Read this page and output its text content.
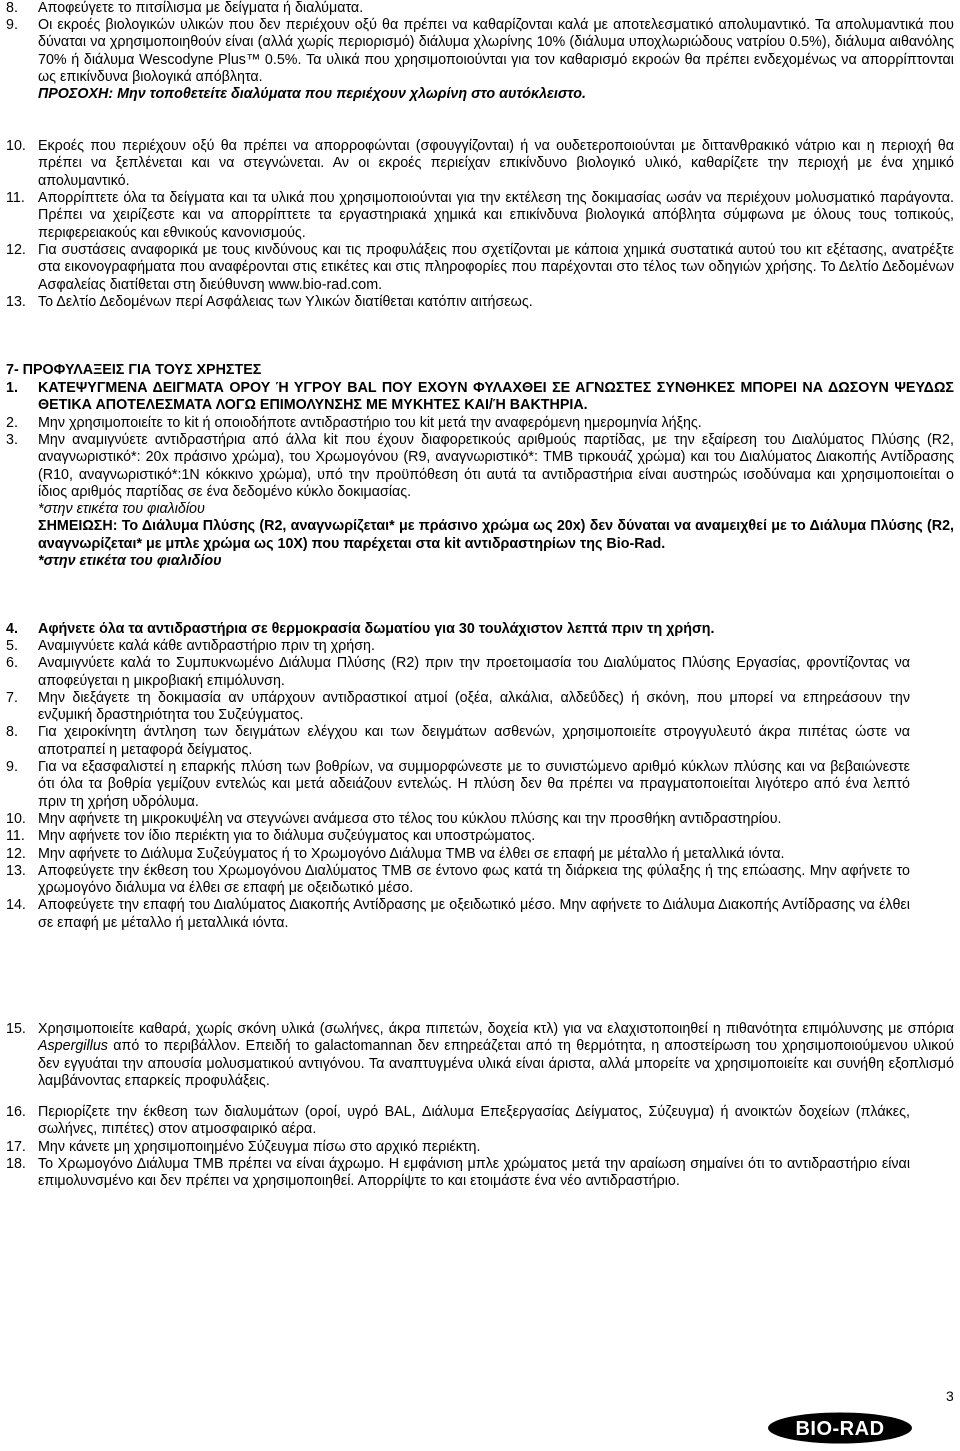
8. Αποφεύγετε το πιτσίλισμα με δείγματα ή διαλύματα.
9. Οι εκροές βιολογικών υλικών που δεν περιέχουν οξύ θα πρέπει να καθαρίζονται καλά με αποτελεσματικό απολυμαντικό. Τα απολυμαντικά που δύναται να χρησιμοποιηθούν είναι (αλλά χωρίς περιορισμό) διάλυμα χλωρίνης 10% (διάλυμα υποχλωριώδους νατρίου 0.5%), διάλυμα αιθανόλης 70% ή διάλυμα Wescodyne Plus™ 0.5%. Τα υλικά που χρησιμοποιούνται για τον καθαρισμό εκροών θα πρέπει ενδεχομένως να απορρίπτονται ως επικίνδυνα βιολογικά απόβλητα.
ΠΡΟΣΟΧΗ: Μην τοποθετείτε διαλύματα που περιέχουν χλωρίνη στο αυτόκλειστο.
10. Εκροές που περιέχουν οξύ θα πρέπει να απορροφώνται (σφουγγίζονται) ή να ουδετεροποιούνται με διττανθρακικό νάτριο και η περιοχή θα πρέπει να ξεπλένεται και να στεγνώνεται. Αν οι εκροές περιείχαν επικίνδυνο βιολογικό υλικό, καθαρίζετε την περιοχή με ένα χημικό απολυμαντικό.
11. Απορρίπτετε όλα τα δείγματα και τα υλικά που χρησιμοποιούνται για την εκτέλεση της δοκιμασίας ωσάν να περιέχουν μολυσματικό παράγοντα. Πρέπει να χειρίζεστε και να απορρίπτετε τα εργαστηριακά χημικά και επικίνδυνα βιολογικά απόβλητα σύμφωνα με όλους τους τοπικούς, περιφερειακούς και εθνικούς κανονισμούς.
12. Για συστάσεις αναφορικά με τους κινδύνους και τις προφυλάξεις που σχετίζονται με κάποια χημικά συστατικά αυτού του κιτ εξέτασης, ανατρέξτε στα εικονογραφήματα που αναφέρονται στις ετικέτες και στις πληροφορίες που παρέχονται στο τέλος των οδηγιών χρήσης. Το Δελτίο Δεδομένων Ασφαλείας διατίθεται στη διεύθυνση www.bio-rad.com.
13. Το Δελτίο Δεδομένων περί Ασφάλειας των Υλικών διατίθεται κατόπιν αιτήσεως.
7- ΠΡΟΦΥΛΑΞΕΙΣ ΓΙΑ ΤΟΥΣ ΧΡΗΣΤΕΣ
1. ΚΑΤΕΨΥΓΜΕΝΑ ΔΕΙΓΜΑΤΑ ΟΡΟΥ Ή ΥΓΡΟΥ BAL ΠΟΥ ΕΧΟΥΝ ΦΥΛΑΧΘΕΙ ΣΕ ΑΓΝΩΣΤΕΣ ΣΥΝΘΗΚΕΣ ΜΠΟΡΕΙ ΝΑ ΔΩΣΟΥΝ ΨΕΥΔΩΣ ΘΕΤΙΚΑ ΑΠΟΤΕΛΕΣΜΑΤΑ ΛΟΓΩ ΕΠΙΜΟΛΥΝΣΗΣ ΜΕ ΜΥΚΗΤΕΣ ΚΑΙ/Ή ΒΑΚΤΗΡΙΑ.
2. Μην χρησιμοποιείτε το kit ή οποιοδήποτε αντιδραστήριο του kit μετά την αναφερόμενη ημερομηνία λήξης.
3. Μην αναμιγνύετε αντιδραστήρια από άλλα kit που έχουν διαφορετικούς αριθμούς παρτίδας, με την εξαίρεση του Διαλύματος Πλύσης (R2, αναγνωριστικό*: 20x πράσινο χρώμα), του Χρωμογόνου (R9, αναγνωριστικό*: TMB τιρκουάζ χρώμα) και του Διαλύματος Διακοπής Αντίδρασης (R10, αναγνωριστικό*:1N κόκκινο χρώμα), υπό την προϋπόθεση ότι αυτά τα αντιδραστήρια είναι αυστηρώς ισοδύναμα και χρησιμοποιείται ο ίδιος αριθμός παρτίδας σε ένα δεδομένο κύκλο δοκιμασίας.
*στην ετικέτα του φιαλιδίου
ΣΗΜΕΙΩΣΗ: Το Διάλυμα Πλύσης (R2, αναγνωρίζεται* με πράσινο χρώμα ως 20x) δεν δύναται να αναμειχθεί με το Διάλυμα Πλύσης (R2, αναγνωρίζεται* με μπλε χρώμα ως 10X) που παρέχεται στα kit αντιδραστηρίων της Bio-Rad.
*στην ετικέτα του φιαλιδίου
4. Αφήνετε όλα τα αντιδραστήρια σε θερμοκρασία δωματίου για 30 τουλάχιστον λεπτά πριν τη χρήση.
5. Αναμιγνύετε καλά κάθε αντιδραστήριο πριν τη χρήση.
6. Αναμιγνύετε καλά το Συμπυκνωμένο Διάλυμα Πλύσης (R2) πριν την προετοιμασία του Διαλύματος Πλύσης Εργασίας, φροντίζοντας να αποφεύγεται η μικροβιακή επιμόλυνση.
7. Μην διεξάγετε τη δοκιμασία αν υπάρχουν αντιδραστικοί ατμοί (οξέα, αλκάλια, αλδεΰδες) ή σκόνη, που μπορεί να επηρεάσουν την ενζυμική δραστηριότητα του Συζεύγματος.
8. Για χειροκίνητη άντληση των δειγμάτων ελέγχου και των δειγμάτων ασθενών, χρησιμοποιείτε στρογγυλευτό άκρα πιπέτας ώστε να αποτραπεί η μεταφορά δείγματος.
9. Για να εξασφαλιστεί η επαρκής πλύση των βοθρίων, να συμμορφώνεστε με το συνιστώμενο αριθμό κύκλων πλύσης και να βεβαιώνεστε ότι όλα τα βοθρία γεμίζουν εντελώς και μετά αδειάζουν εντελώς. Η πλύση δεν θα πρέπει να πραγματοποιείται λιγότερο από ένα λεπτό πριν τη χρήση υδρόλυμα.
10. Μην αφήνετε τη μικροκυψέλη να στεγνώνει ανάμεσα στο τέλος του κύκλου πλύσης και την προσθήκη αντιδραστηρίου.
11. Μην αφήνετε τον ίδιο περιέκτη για το διάλυμα συζεύγματος και υποστρώματος.
12. Μην αφήνετε το Διάλυμα Συζεύγματος ή το Χρωμογόνο Διάλυμα TMB να έλθει σε επαφή με μέταλλο ή μεταλλικά ιόντα.
13. Αποφεύγετε την έκθεση του Χρωμογόνου Διαλύματος TMB σε έντονο φως κατά τη διάρκεια της φύλαξης ή της επώασης. Μην αφήνετε το χρωμογόνο διάλυμα να έλθει σε επαφή με οξειδωτικό μέσο.
14. Αποφεύγετε την επαφή του Διαλύματος Διακοπής Αντίδρασης με οξειδωτικό μέσο. Μην αφήνετε το Διάλυμα Διακοπής Αντίδρασης να έλθει σε επαφή με μέταλλο ή μεταλλικά ιόντα.
15. Χρησιμοποιείτε καθαρά, χωρίς σκόνη υλικά (σωλήνες, άκρα πιπετών, δοχεία κτλ) για να ελαχιστοποιηθεί η πιθανότητα επιμόλυνσης με σπόρια Aspergillus από το περιβάλλον. Επειδή το galactomannan δεν επηρεάζεται από τη θερμότητα, η αποστείρωση του χρησιμοποιούμενου υλικού δεν εγγυάται την απουσία μολυσματικού αντιγόνου. Τα αναπτυγμένα υλικά είναι άριστα, αλλά μπορείτε να χρησιμοποιείτε και συνήθη εξοπλισμό λαμβάνοντας επαρκείς προφυλάξεις.
16. Περιορίζετε την έκθεση των διαλυμάτων (οροί, υγρό BAL, Διάλυμα Επεξεργασίας Δείγματος, Σύζευγμα) ή ανοικτών δοχείων (πλάκες, σωλήνες, πιπέτες) στον ατμοσφαιρικό αέρα.
17. Μην κάνετε μη χρησιμοποιημένο Σύζευγμα πίσω στο αρχικό περιέκτη.
18. Το Χρωμογόνο Διάλυμα TMB πρέπει να είναι άχρωμο. Η εμφάνιση μπλε χρώματος μετά την αραίωση σημαίνει ότι το αντιδραστήριο είναι επιμολυνσμένο και δεν πρέπει να χρησιμοποιηθεί. Απορρίψτε το και ετοιμάστε ένα νέο αντιδραστήριο.
3
BIO-RAD
